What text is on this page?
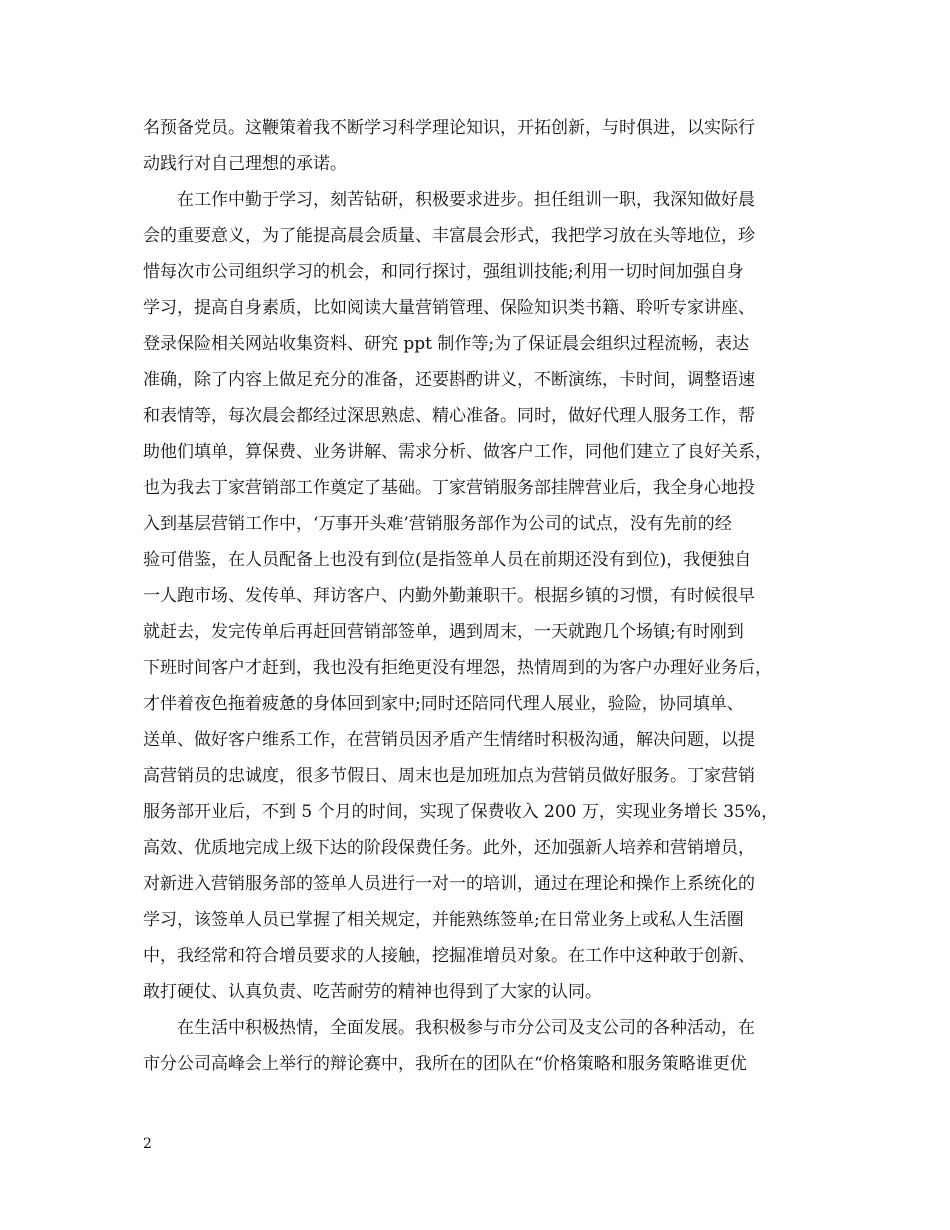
名预备党员。这鞭策着我不断学习科学理论知识，开拓创新，与时俱进，以实际行
动践行对自己理想的承诺。
在工作中勤于学习，刻苦钻研，积极要求进步。担任组训一职，我深知做好晨
会的重要意义，为了能提高晨会质量、丰富晨会形式，我把学习放在头等地位，珍
惜每次市公司组织学习的机会，和同行探讨，强组训技能;利用一切时间加强自身
学习，提高自身素质，比如阅读大量营销管理、保险知识类书籍、聆听专家讲座、
登录保险相关网站收集资料、研究 ppt 制作等;为了保证晨会组织过程流畅，表达
准确，除了内容上做足充分的准备，还要斟酌讲义，不断演练，卡时间，调整语速
和表情等，每次晨会都经过深思熟虑、精心准备。同时，做好代理人服务工作，帮
助他们填单，算保费、业务讲解、需求分析、做客户工作，同他们建立了良好关系，
也为我去丁家营销部工作奠定了基础。丁家营销服务部挂牌营业后，我全身心地投
入到基层营销工作中，‘万事开头难’营销服务部作为公司的试点，没有先前的经
验可借鉴，在人员配备上也没有到位(是指签单人员在前期还没有到位)，我便独自
一人跑市场、发传单、拜访客户、内勤外勤兼职干。根据乡镇的习惯，有时候很早
就赶去，发完传单后再赶回营销部签单，遇到周末，一天就跑几个场镇;有时刚到
下班时间客户才赶到，我也没有拒绝更没有埋怨，热情周到的为客户办理好业务后，
才伴着夜色拖着疲惫的身体回到家中;同时还陪同代理人展业，验险，协同填单、
送单、做好客户维系工作，在营销员因矛盾产生情绪时积极沟通，解决问题，以提
高营销员的忠诚度，很多节假日、周末也是加班加点为营销员做好服务。丁家营销
服务部开业后，不到 5 个月的时间，实现了保费收入 200 万，实现业务增长 35%，
高效、优质地完成上级下达的阶段保费任务。此外，还加强新人培养和营销增员，
对新进入营销服务部的签单人员进行一对一的培训，通过在理论和操作上系统化的
学习，该签单人员已掌握了相关规定，并能熟练签单;在日常业务上或私人生活圈
中，我经常和符合增员要求的人接触，挖掘准增员对象。在工作中这种敢于创新、
敢打硬仗、认真负责、吃苦耐劳的精神也得到了大家的认同。
在生活中积极热情，全面发展。我积极参与市分公司及支公司的各种活动，在
市分公司高峰会上举行的辩论赛中，我所在的团队在“价格策略和服务策略谁更优
2
